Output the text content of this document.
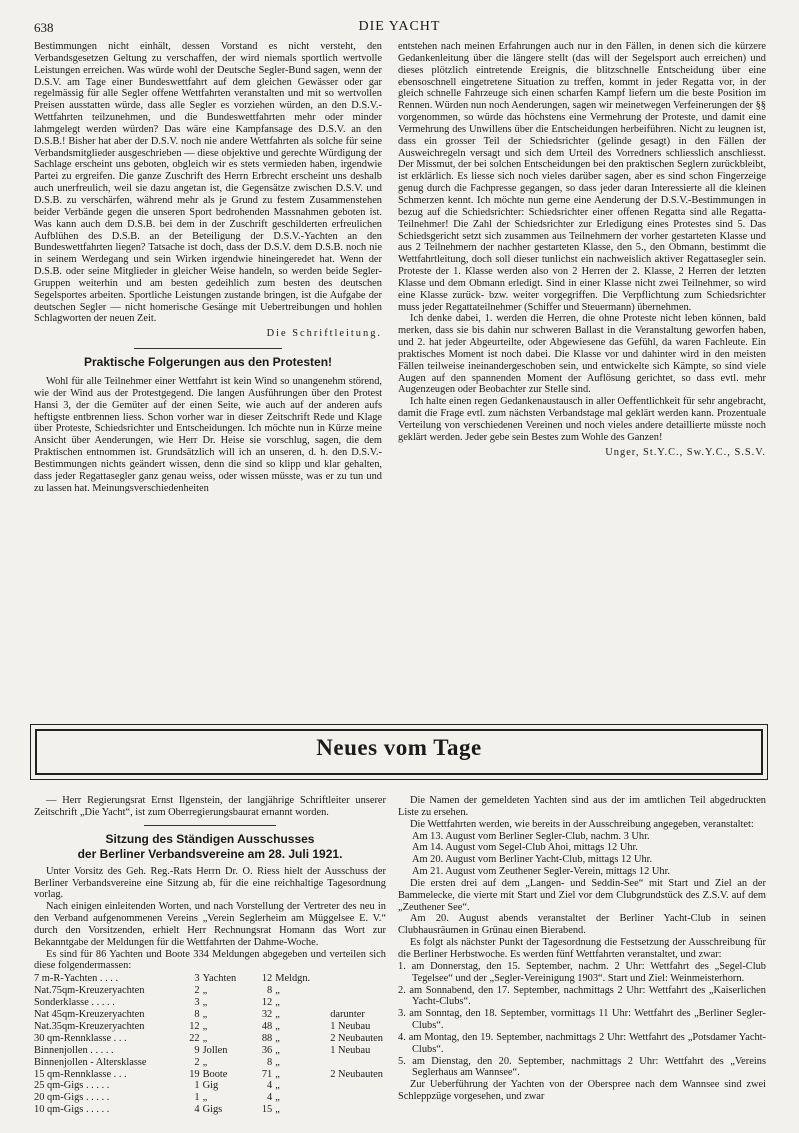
638	DIE YACHT

Bestimmungen nicht einhält, dessen Vorstand es nicht versteht, den Verbandsgesetzen Geltung zu verschaffen, der wird niemals sportlich wertvolle Leistungen erreichen. Was würde wohl der Deutsche Segler-Bund sagen, wenn der D.S.V. am Tage einer Bundeswettfahrt auf dem gleichen Gewässer oder gar regelmässig für alle Segler offene Wettfahrten veranstalten und mit so wertvollen Preisen ausstatten würde, dass alle Segler es vorziehen würden, an den D.S.V.-Wettfahrten teilzunehmen, und die Bundeswettfahrten mehr oder minder lahmgelegt werden würden? Das wäre eine Kampfansage des D.S.V. an den D.S.B.! Bisher hat aber der D.S.V. noch nie andere Wettfahrten als solche für seine Verbandsmitglieder ausgeschrieben — diese objektive und gerechte Würdigung der Sachlage erscheint uns geboten, obgleich wir es stets vermieden haben, irgendwie Partei zu ergreifen. Die ganze Zuschrift des Herrn Erbrecht erscheint uns deshalb auch unerfreulich, weil sie dazu angetan ist, die Gegensätze zwischen D.S.V. und D.S.B. zu verschärfen, während mehr als je Grund zu festem Zusammenstehen beider Verbände gegen die unseren Sport bedrohenden Massnahmen geboten ist. Was kann auch dem D.S.B. bei dem in der Zuschrift geschilderten erfreulichen Aufblühen des D.S.B. an der Beteiligung der D.S.V.-Yachten an den Bundeswettfahrten liegen? Tatsache ist doch, dass der D.S.V. dem D.S.B. noch nie in seinem Werdegang und sein Wirken irgendwie hineingeredet hat. Wenn der D.S.B. oder seine Mitglieder in gleicher Weise handeln, so werden beide Segler-Gruppen weiterhin und am besten gedeihlich zum besten des deutschen Segelsportes arbeiten. Sportliche Leistungen zustande bringen, ist die Aufgabe der deutschen Segler — nicht homerische Gesänge mit Uebertreibungen und hohlen Schlagworten der neuen Zeit.

Die Schriftleitung.

Praktische Folgerungen aus den Protesten!

Wohl für alle Teilnehmer einer Wettfahrt ist kein Wind so unangenehm störend, wie der Wind aus der Protestgegend. Die langen Ausführungen über den Protest Hansi 3, der die Gemüter auf der einen Seite, wie auch auf der anderen aufs heftigste entbrennen liess. Schon vorher war in dieser Zeitschrift Rede und Klage über Proteste, Schiedsrichter und Entscheidungen. Ich möchte nun in Kürze meine Ansicht über Aenderungen, wie Herr Dr. Heise sie vorschlug, sagen, die dem Praktischen entnommen ist. Grundsätzlich will ich an unseren, d. h. den D.S.V.-Bestimmungen nichts geändert wissen, denn die sind so klipp und klar gehalten, dass jeder Regattasegler ganz genau weiss, oder wissen müsste, was er zu tun und zu lassen hat. Meinungsverschiedenheiten

entstehen nach meinen Erfahrungen auch nur in den Fällen, in denen sich die kürzere Gedankenleitung über die längere stellt (das will der Segelsport auch erreichen) und dieses plötzlich eintretende Ereignis, die blitzschnelle Entscheidung über eine ebensoschnell eingetretene Situation zu treffen, kommt in jeder Regatta vor, in der gleich schnelle Fahrzeuge sich einen scharfen Kampf liefern um die beste Position im Rennen. Würden nun noch Aenderungen, sagen wir meinetwegen Verfeinerungen der §§ vorgenommen, so würde das höchstens eine Vermehrung der Proteste, und damit eine Vermehrung des Unwillens über die Entscheidungen herbeiführen. Nicht zu leugnen ist, dass ein grosser Teil der Schiedsrichter (gelinde gesagt) in den Fällen der Ausweichregeln versagt und sich dem Urteil des Vorredners schliesslich anschliesst. Der Missmut, der bei solchen Entscheidungen bei den praktischen Seglern zurückbleibt, ist erklärlich. Es liesse sich noch vieles darüber sagen, aber es sind schon Fingerzeige genug durch die Fachpresse gegangen, so dass jeder daran Interessierte all die kleinen Schmerzen kennt. Ich möchte nun gerne eine Aenderung der D.S.V.-Bestimmungen in bezug auf die Schiedsrichter: Schiedsrichter einer offenen Regatta sind alle Regatta-Teilnehmer! Die Zahl der Schiedsrichter zur Erledigung eines Protestes sind 5. Das Schiedsgericht setzt sich zusammen aus Teilnehmern der vorher gestarteten Klasse und aus 2 Teilnehmern der nachher gestarteten Klasse, den 5., den Obmann, bestimmt die Wettfahrtleitung, doch soll dieser tunlichst ein nachweislich aktiver Regattasegler sein. Proteste der 1. Klasse werden also von 2 Herren der 2. Klasse, 2 Herren der letzten Klasse und dem Obmann erledigt. Sind in einer Klasse nicht zwei Teilnehmer, so wird eine Klasse zurück- bzw. weiter vorgegriffen. Die Verpflichtung zum Schiedsrichter muss jeder Regattateilnehmer (Schiffer und Steuermann) übernehmen.

Ich denke dabei, 1. werden die Herren, die ohne Proteste nicht leben können, bald merken, dass sie bis dahin nur schweren Ballast in die Veranstaltung geworfen haben, und 2. hat jeder Abgeurteilte, oder Abgewiesene das Gefühl, da waren Fachleute. Ein praktisches Moment ist noch dabei. Die Klasse vor und dahinter wird in den meisten Fällen teilweise ineinandergeschoben sein, und entwickelte sich Kämpte, so sind viele Augen auf den spannenden Moment der Auflösung gerichtet, so dass evtl. mehr Augenzeugen oder Beobachter zur Stelle sind.

Ich halte einen regen Gedankenaustausch in aller Oeffentlichkeit für sehr angebracht, damit die Frage evtl. zum nächsten Verbandstage mal geklärt werden kann. Prozentuale Verteilung von verschiedenen Vereinen und noch vieles andere detaillierte müsste noch geklärt werden. Jeder gebe sein Bestes zum Wohle des Ganzen!

Unger, St.Y.C., Sw.Y.C., S.S.V.

Neues vom Tage

— Herr Regierungsrat Ernst Ilgenstein, der langjährige Schriftleiter unserer Zeitschrift „Die Yacht“, ist zum Oberregierungsbaurat ernannt worden.

Sitzung des Ständigen Ausschusses

der Berliner Verbandsvereine am 28. Juli 1921.

Unter Vorsitz des Geh. Reg.-Rats Herrn Dr. O. Riess hielt der Ausschuss der Berliner Verbandsvereine eine Sitzung ab, für die eine reichhaltige Tagesordnung vorlag.

Nach einigen einleitenden Worten, und nach Vorstellung der Vertreter des neu in den Verband aufgenommenen Vereins „Verein Seglerheim am Müggelsee E. V.“ durch den Vorsitzenden, erhielt Herr Rechnungsrat Homann das Wort zur Bekanntgabe der Meldungen für die Wettfahrten der Dahme-Woche.

Es sind für 86 Yachten und Boote 334 Meldungen abgegeben und verteilen sich diese folgendermassen:

7 m-R-Yachten . . . .	3	Yachten	12	Meldgn.	
Nat.75qm-Kreuzeryachten	2	„	8	„	
Sonderklasse . . . . .	3	„	12	„	
Nat 45qm-Kreuzeryachten	8	„	32	„	darunter
Nat.35qm-Kreuzeryachten	12	„	48	„	1 Neubau
30 qm-Rennklasse . . .	22	„	88	„	2 Neubauten
Binnenjollen . . . . .	9	Jollen	36	„	1 Neubau
Binnenjollen - Altersklasse	2	„	8	„	
15 qm-Rennklasse . . .	19	Boote	71	„	2 Neubauten
25 qm-Gigs . . . . .	1	Gig	4	„	
20 qm-Gigs . . . . .	1	„	4	„	
10 qm-Gigs . . . . .	4	Gigs	15	„	

Die Namen der gemeldeten Yachten sind aus der im amtlichen Teil abgedruckten Liste zu ersehen.

Die Wettfahrten werden, wie bereits in der Ausschreibung angegeben, veranstaltet:

Am 13. August vom Berliner Segler-Club, nachm. 3 Uhr.

Am 14. August vom Segel-Club Ahoi, mittags 12 Uhr.

Am 20. August vom Berliner Yacht-Club, mittags 12 Uhr.

Am 21. August vom Zeuthener Segler-Verein, mittags 12 Uhr.

Die ersten drei auf dem „Langen- und Seddin-See“ mit Start und Ziel an der Bammelecke, die vierte mit Start und Ziel vor dem Clubgrundstück des Z.S.V. auf dem „Zeuthener See“.

Am 20. August abends veranstaltet der Berliner Yacht-Club in seinen Clubhausräumen in Grünau einen Bierabend.

Es folgt als nächster Punkt der Tagesordnung die Festsetzung der Ausschreibung für die Berliner Herbstwoche. Es werden fünf Wettfahrten veranstaltet, und zwar:

1. am Donnerstag, den 15. September, nachm. 2 Uhr: Wettfahrt des „Segel-Club Tegelsee“ und der „Segler-Vereinigung 1903“. Start und Ziel: Weinmeisterhorn.

2. am Sonnabend, den 17. September, nachmittags 2 Uhr: Wettfahrt des „Kaiserlichen Yacht-Clubs“.

3. am Sonntag, den 18. September, vormittags 11 Uhr: Wettfahrt des „Berliner Segler-Clubs“.

4. am Montag, den 19. September, nachmittags 2 Uhr: Wettfahrt des „Potsdamer Yacht-Clubs“.

5. am Dienstag, den 20. September, nachmittags 2 Uhr: Wettfahrt des „Vereins Seglerhaus am Wannsee“.

Zur Ueberführung der Yachten von der Oberspree nach dem Wannsee sind zwei Schleppzüge vorgesehen, und zwar
